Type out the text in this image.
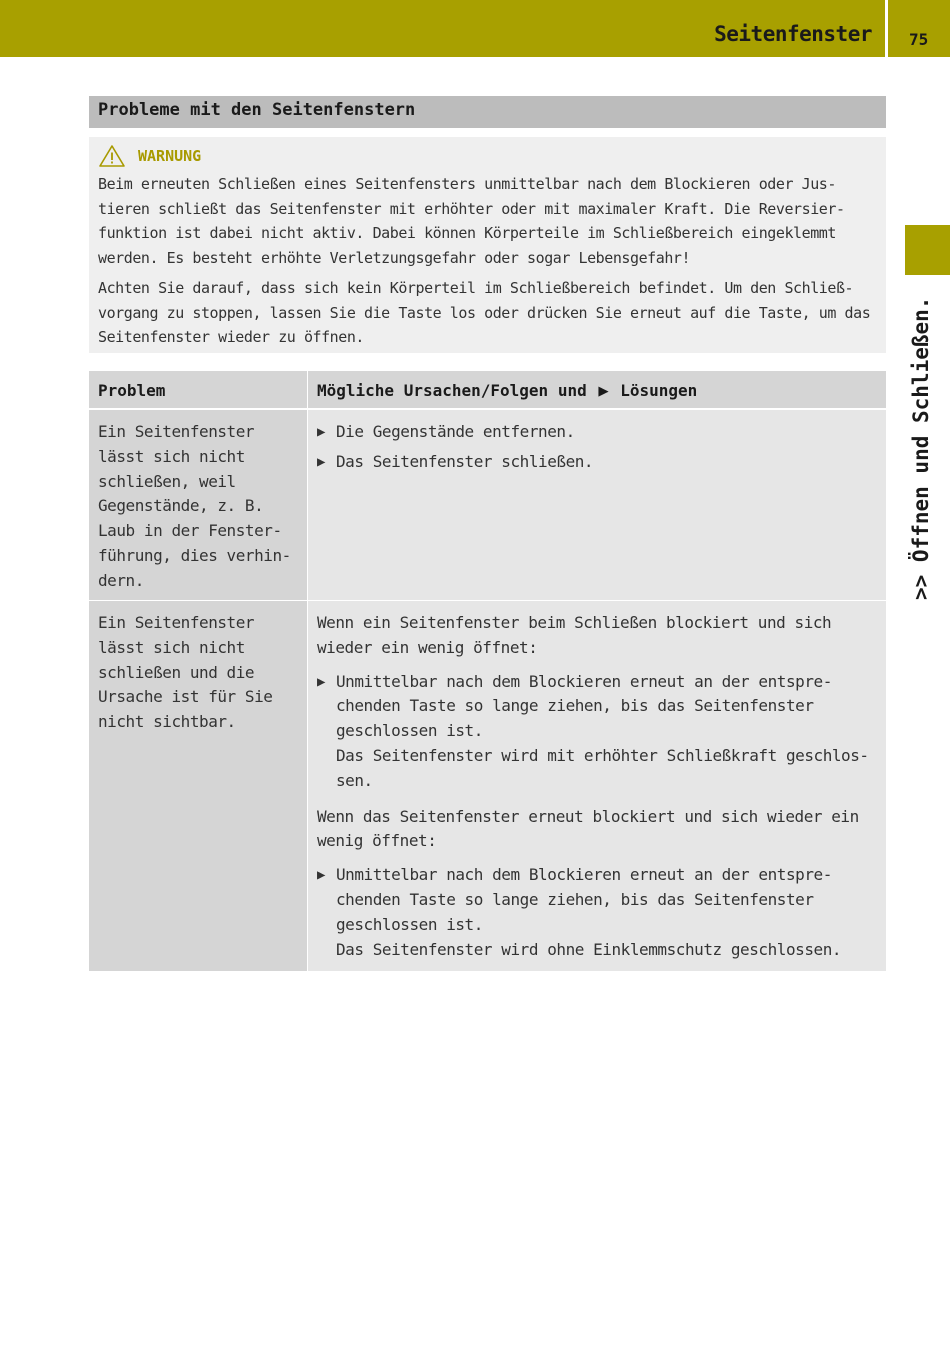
Seitenfenster 75
>> Öffnen und Schließen.
Probleme mit den Seitenfenstern
WARNUNG

Beim erneuten Schließen eines Seitenfensters unmittelbar nach dem Blockieren oder Justieren schließt das Seitenfenster mit erhöhter oder mit maximaler Kraft. Die Reversierfunktion ist dabei nicht aktiv. Dabei können Körperteile im Schließbereich eingeklemmt werden. Es besteht erhöhte Verletzungsgefahr oder sogar Lebensgefahr!

Achten Sie darauf, dass sich kein Körperteil im Schließbereich befindet. Um den Schließvorgang zu stoppen, lassen Sie die Taste los oder drücken Sie erneut auf die Taste, um das Seitenfenster wieder zu öffnen.

Problem	Mögliche Ursachen/Folgen und ▶ Lösungen
Ein Seitenfenster lässt sich nicht schließen, weil Gegenstände, z. B. Laub in der Fensterführung, dies verhindern.
▶ Die Gegenstände entfernen.
▶ Das Seitenfenster schließen.
Ein Seitenfenster lässt sich nicht schließen und die Ursache ist für Sie nicht sichtbar.
Wenn ein Seitenfenster beim Schließen blockiert und sich wieder ein wenig öffnet:
▶ Unmittelbar nach dem Blockieren erneut an der entsprechenden Taste so lange ziehen, bis das Seitenfenster geschlossen ist.
Das Seitenfenster wird mit erhöhter Schließkraft geschlossen.
Wenn das Seitenfenster erneut blockiert und sich wieder ein wenig öffnet:
▶ Unmittelbar nach dem Blockieren erneut an der entsprechenden Taste so lange ziehen, bis das Seitenfenster geschlossen ist.
Das Seitenfenster wird ohne Einklemmschutz geschlossen.
